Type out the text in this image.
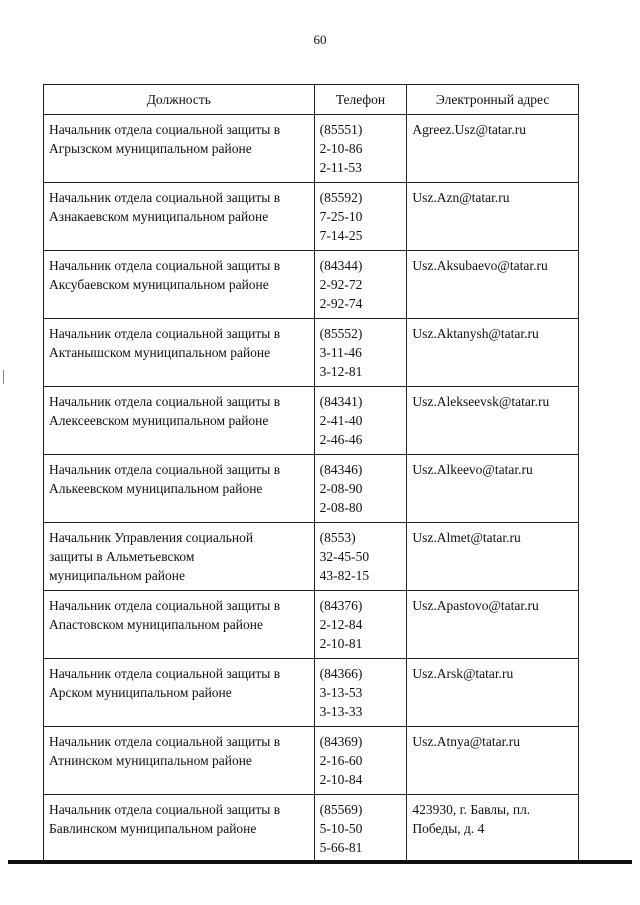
60
Должность	Телефон	Электронный адрес

Начальник отдела социальной защиты в
Агрызском муниципальном районе	(85551)
2-10-86
2-11-53	Agreez.Usz@tatar.ru

Начальник отдела социальной защиты в
Азнакаевском муниципальном районе	(85592)
7-25-10
7-14-25	Usz.Azn@tatar.ru

Начальник отдела социальной защиты в
Аксубаевском муниципальном районе	(84344)
2-92-72
2-92-74	Usz.Aksubaevo@tatar.ru

Начальник отдела социальной защиты в
Актанышском муниципальном районе	(85552)
3-11-46
3-12-81	Usz.Aktanysh@tatar.ru

Начальник отдела социальной защиты в
Алексеевском муниципальном районе	(84341)
2-41-40
2-46-46	Usz.Alekseevsk@tatar.ru

Начальник отдела социальной защиты в
Алькеевском муниципальном районе	(84346)
2-08-90
2-08-80	Usz.Alkeevo@tatar.ru

Начальник Управления социальной
защиты в Альметьевском
муниципальном районе	(8553)
32-45-50
43-82-15	Usz.Almet@tatar.ru

Начальник отдела социальной защиты в
Апастовском муниципальном районе	(84376)
2-12-84
2-10-81	Usz.Apastovo@tatar.ru

Начальник отдела социальной защиты в
Арском муниципальном районе	(84366)
3-13-53
3-13-33	Usz.Arsk@tatar.ru

Начальник отдела социальной защиты в
Атнинском муниципальном районе	(84369)
2-16-60
2-10-84	Usz.Atnya@tatar.ru

Начальник отдела социальной защиты в
Бавлинском муниципальном районе	(85569)
5-10-50
5-66-81	423930, г. Бавлы, пл.
Победы, д. 4
